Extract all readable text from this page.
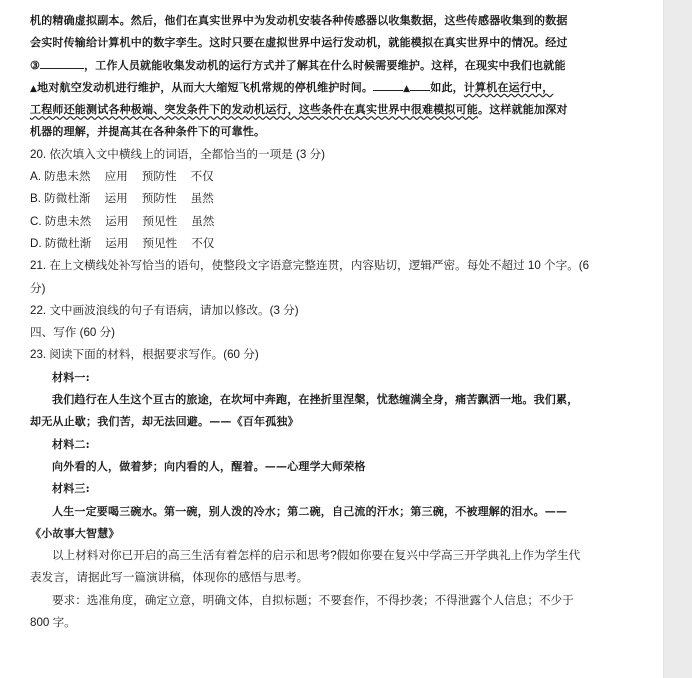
机的精确虚拟副本。然后，他们在真实世界中为发动机安装各种传感器以收集数据，这些传感器收集到的数据
会实时传输给计算机中的数字孪生。这时只要在虚拟世界中运行发动机，就能模拟在真实世界中的情况。经过
③	，工作人员就能收集发动机的运行方式并了解其在什么时候需要维护。这样，在现实中我们也就能
▲地对航空发动机进行维护，从而大大缩短飞机常规的停机维护时间。	▲ 如此，计算机在运行中，
工程师还能测试各种极端、突发条件下的发动机运行，这些条件在真实世界中很难模拟可能。这样就能加深对
机器的理解，并提高其在各种条件下的可靠性。
20. 依次填入文中横线上的词语，全都恰当的一项是 (3 分)
A. 防患未然 应用 预防性 不仅
B. 防微杜渐 运用 预防性 虽然
C. 防患未然 运用 预见性 虽然
D. 防微杜渐 运用 预见性 不仅
21. 在上文横线处补写恰当的语句，使整段文字语意完整连贯，内容贴切，逻辑严密。每处不超过 10 个字。(6
分)
22. 文中画波浪线的句子有语病，请加以修改。(3 分)
四、写作 (60 分)
23. 阅读下面的材料，根据要求写作。(60 分)
材料一:
我们趋行在人生这个亘古的旅途，在坎坷中奔跑，在挫折里涅槃，忧愁缠满全身，痛苦飘洒一地。我们累，
却无从止歇；我们苦，却无法回避。——《百年孤独》
材料二:
向外看的人，做着梦；向内看的人，醒着。——心理学大师荣格
材料三:
人生一定要喝三碗水。第一碗，别人泼的冷水；第二碗，自己流的汗水；第三碗，不被理解的泪水。——
《小故事大智慧》
以上材料对你已开启的高三生活有着怎样的启示和思考?假如你要在复兴中学高三开学典礼上作为学生代
表发言，请据此写一篇演讲稿，体现你的感悟与思考。
要求：选准角度，确定立意，明确文体，自拟标题；不要套作，不得抄袭；不得泄露个人信息；不少于
800 字。
